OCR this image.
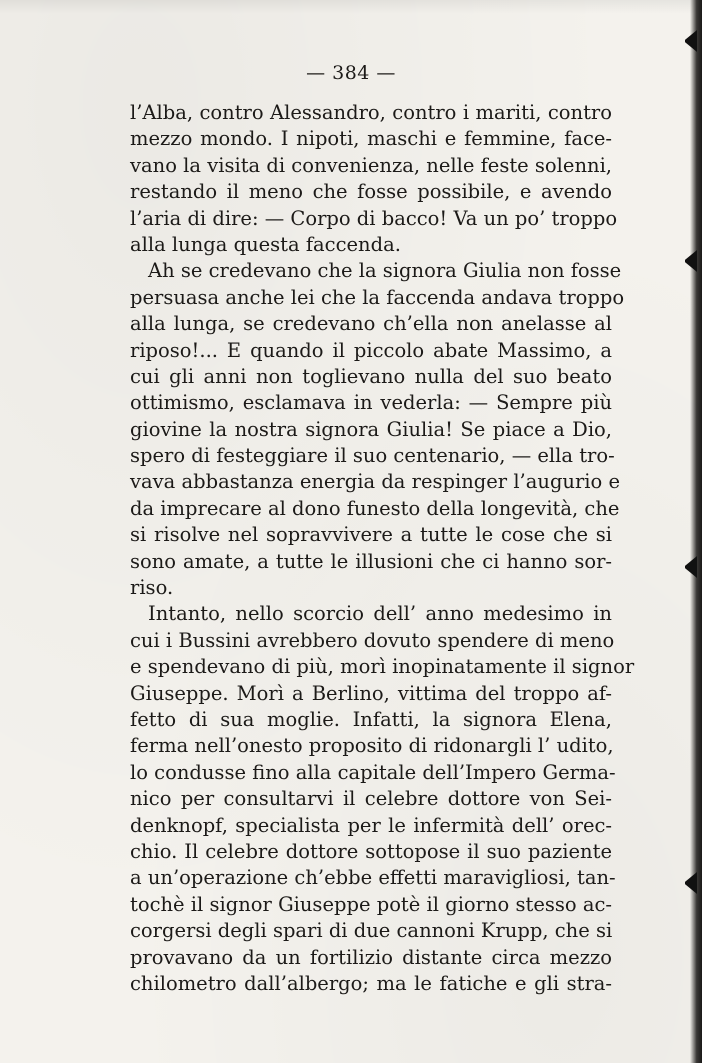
— 384 —
l’Alba, contro Alessandro, contro i mariti, contro
mezzo mondo. I nipoti, maschi e femmine, face-
vano la visita di convenienza, nelle feste solenni,
restando il meno che fosse possibile, e avendo
l’aria di dire: — Corpo di bacco! Va un po’ troppo
alla lunga questa faccenda.
Ah se credevano che la signora Giulia non fosse
persuasa anche lei che la faccenda andava troppo
alla lunga, se credevano ch’ella non anelasse al
riposo!... E quando il piccolo abate Massimo, a
cui gli anni non toglievano nulla del suo beato
ottimismo, esclamava in vederla: — Sempre più
giovine la nostra signora Giulia! Se piace a Dio,
spero di festeggiare il suo centenario, — ella tro-
vava abbastanza energia da respinger l’augurio e
da imprecare al dono funesto della longevità, che
si risolve nel sopravvivere a tutte le cose che si
sono amate, a tutte le illusioni che ci hanno sor-
riso.
Intanto, nello scorcio dell’ anno medesimo in
cui i Bussini avrebbero dovuto spendere di meno
e spendevano di più, morì inopinatamente il signor
Giuseppe. Morì a Berlino, vittima del troppo af-
fetto di sua moglie. Infatti, la signora Elena,
ferma nell’onesto proposito di ridonargli l’ udito,
lo condusse fino alla capitale dell’Impero Germa-
nico per consultarvi il celebre dottore von Sei-
denknopf, specialista per le infermità dell’ orec-
chio. Il celebre dottore sottopose il suo paziente
a un’operazione ch’ebbe effetti maravigliosi, tan-
tochè il signor Giuseppe potè il giorno stesso ac-
corgersi degli spari di due cannoni Krupp, che si
provavano da un fortilizio distante circa mezzo
chilometro dall’albergo; ma le fatiche e gli stra-
